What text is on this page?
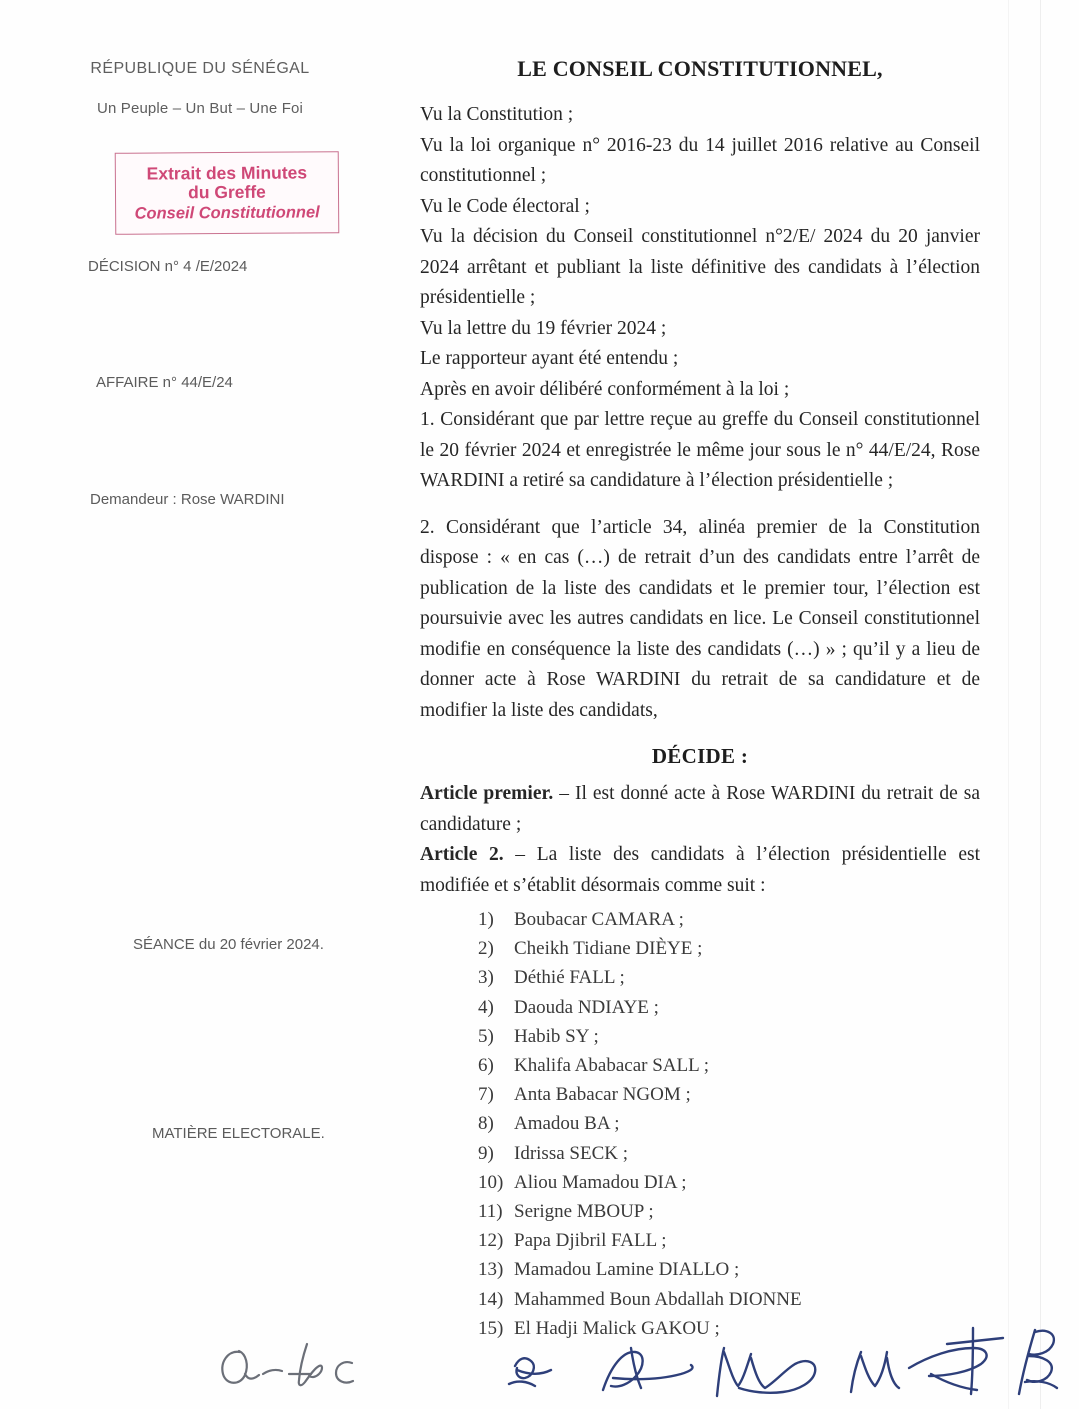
RÉPUBLIQUE DU SÉNÉGAL
Un Peuple – Un But – Une Foi
Extrait des Minutes
du Greffe
Conseil Constitutionnel
DÉCISION n° 4 /E/2024
AFFAIRE n° 44/E/24
Demandeur : Rose WARDINI
SÉANCE du 20 février 2024.
MATIÈRE ELECTORALE.
LE CONSEIL CONSTITUTIONNEL,
Vu la Constitution ;
Vu la loi organique n° 2016-23 du 14 juillet 2016 relative au Conseil constitutionnel ;
Vu le Code électoral ;
Vu la décision du Conseil constitutionnel n°2/E/ 2024 du 20 janvier 2024 arrêtant et publiant la liste définitive des candidats à l’élection présidentielle ;
Vu la lettre du 19 février 2024 ;
Le rapporteur ayant été entendu ;
Après en avoir délibéré conformément à la loi ;
1. Considérant que par lettre reçue au greffe du Conseil constitutionnel le 20 février 2024 et enregistrée le même jour sous le n° 44/E/24, Rose WARDINI a retiré sa candidature à l’élection présidentielle ;
2. Considérant que l’article 34, alinéa premier de la Constitution dispose : « en cas (…) de retrait d’un des candidats entre l’arrêt de publication de la liste des candidats et le premier tour, l’élection est poursuivie avec les autres candidats en lice. Le Conseil constitutionnel modifie en conséquence la liste des candidats (…) » ; qu’il y a lieu de donner acte à Rose WARDINI du retrait de sa candidature et de modifier la liste des candidats,
DÉCIDE :
Article premier. – Il est donné acte à Rose WARDINI du retrait de sa candidature ;
Article 2. – La liste des candidats à l’élection présidentielle est modifiée et s’établit désormais comme suit :
1)	Boubacar CAMARA ;
2)	Cheikh Tidiane DIÈYE ;
3)	Déthié FALL ;
4)	Daouda NDIAYE ;
5)	Habib SY ;
6)	Khalifa Ababacar SALL ;
7)	Anta Babacar NGOM ;
8)	Amadou BA ;
9)	Idrissa SECK ;
10) Aliou Mamadou DIA ;
11) Serigne MBOUP ;
12) Papa Djibril FALL ;
13) Mamadou Lamine DIALLO ;
14) Mahammed Boun Abdallah DIONNE
15) El Hadji Malick GAKOU ;
